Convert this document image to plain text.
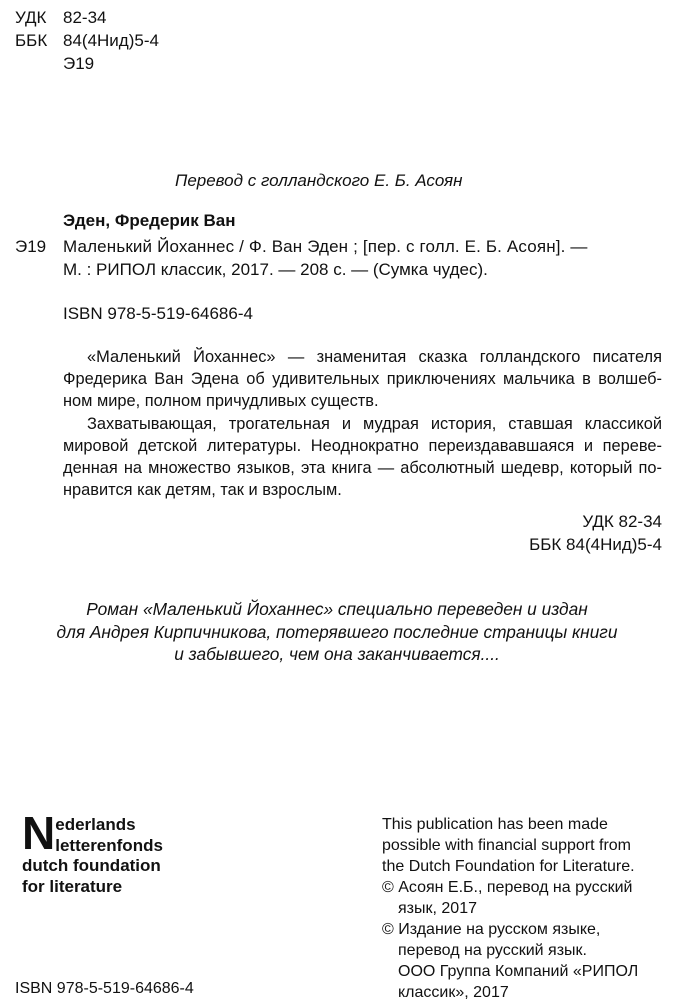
УДК 82-34
ББК 84(4Нид)5-4
Э19
Перевод с голландского Е. Б. Асоян
Эден, Фредерик Ван
Э19 Маленький Йоханнес / Ф. Ван Эден ; [пер. с голл. Е. Б. Асоян]. —
М. : РИПОЛ классик, 2017. — 208 с. — (Сумка чудес).
ISBN 978-5-519-64686-4

«Маленький Йоханнес» — знаменитая сказка голландского писателя Фредерика Ван Эдена об удивительных приключениях мальчика в волшебном мире, полном причудливых существ.

Захватывающая, трогательная и мудрая история, ставшая классикой мировой детской литературы. Неоднократно переиздававшаяся и переведенная на множество языков, эта книга — абсолютный шедевр, который понравится как детям, так и взрослым.

УДК 82-34
ББК 84(4Нид)5-4
Роман «Маленький Йоханнес» специально переведен и издан
для Андрея Кирпичникова, потерявшего последние страницы книги
и забывшего, чем она заканчивается....
N ederlands
letterenfonds
dutch foundation
for literature
This publication has been made
possible with financial support from
the Dutch Foundation for Literature.
© Асоян Е.Б., перевод на русский
язык, 2017
© Издание на русском языке,
перевод на русский язык.
ООО Группа Компаний «РИПОЛ
классик», 2017
ISBN 978-5-519-64686-4
